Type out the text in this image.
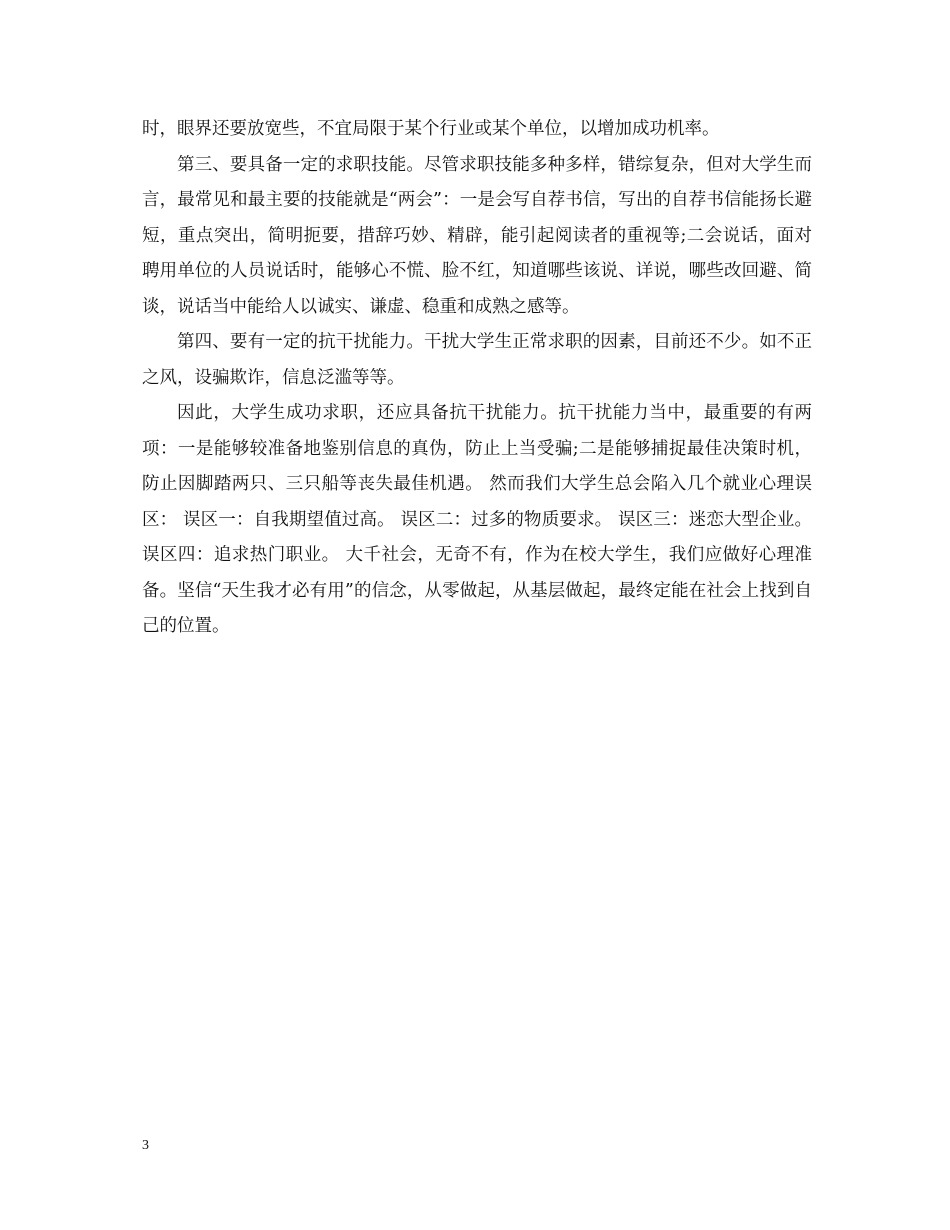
时，眼界还要放宽些，不宜局限于某个行业或某个单位，以增加成功机率。

第三、要具备一定的求职技能。尽管求职技能多种多样，错综复杂，但对大学生而言，最常见和最主要的技能就是“两会”：一是会写自荐书信，写出的自荐书信能扬长避短，重点突出，简明扼要，措辞巧妙、精辟，能引起阅读者的重视等;二会说话，面对聘用单位的人员说话时，能够心不慌、脸不红，知道哪些该说、详说，哪些改回避、简谈，说话当中能给人以诚实、谦虚、稳重和成熟之感等。

第四、要有一定的抗干扰能力。干扰大学生正常求职的因素，目前还不少。如不正之风，设骗欺诈，信息泛滥等等。

因此，大学生成功求职，还应具备抗干扰能力。抗干扰能力当中，最重要的有两项：一是能够较准备地鉴别信息的真伪，防止上当受骗;二是能够捕捉最佳决策时机，防止因脚踏两只、三只船等丧失最佳机遇。 然而我们大学生总会陷入几个就业心理误区： 误区一：自我期望值过高。 误区二：过多的物质要求。 误区三：迷恋大型企业。 误区四：追求热门职业。 大千社会，无奇不有，作为在校大学生，我们应做好心理准备。坚信“天生我才必有用”的信念，从零做起，从基层做起，最终定能在社会上找到自己的位置。

3
